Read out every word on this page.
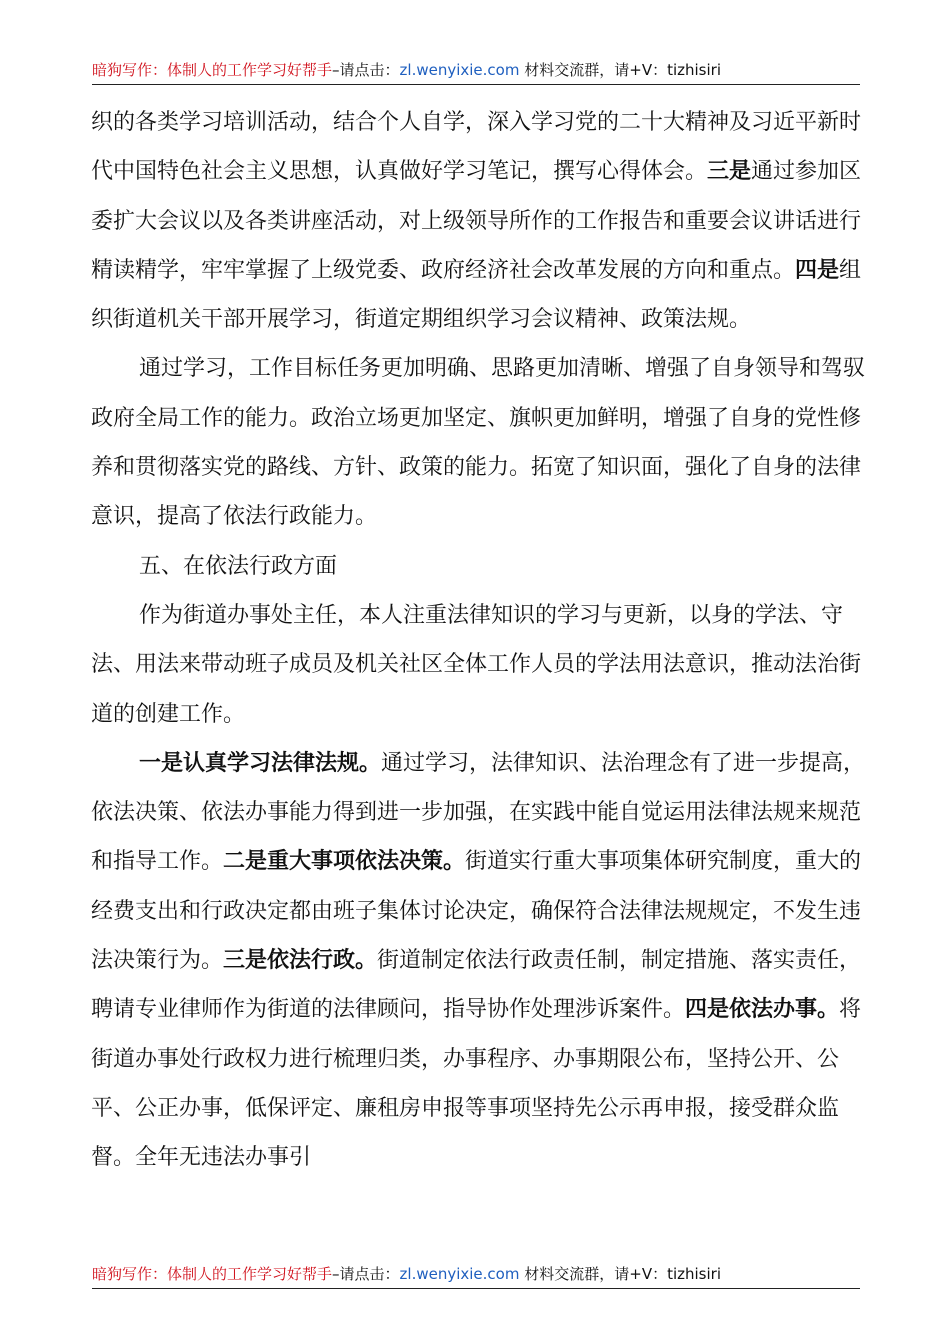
暗狗写作：体制人的工作学习好帮手–请点击：zl.wenyixie.com 材料交流群，请+V：tizhisiri

织的各类学习培训活动，结合个人自学，深入学习党的二十大精神及习近平新时代中国特色社会主义思想，认真做好学习笔记，撰写心得体会。三是通过参加区委扩大会议以及各类讲座活动，对上级领导所作的工作报告和重要会议讲话进行精读精学，牢牢掌握了上级党委、政府经济社会改革发展的方向和重点。四是组织街道机关干部开展学习，街道定期组织学习会议精神、政策法规。

通过学习，工作目标任务更加明确、思路更加清晰、增强了自身领导和驾驭政府全局工作的能力。政治立场更加坚定、旗帜更加鲜明，增强了自身的党性修养和贯彻落实党的路线、方针、政策的能力。拓宽了知识面，强化了自身的法律意识，提高了依法行政能力。

五、在依法行政方面

作为街道办事处主任，本人注重法律知识的学习与更新，以身的学法、守法、用法来带动班子成员及机关社区全体工作人员的学法用法意识，推动法治街道的创建工作。

一是认真学习法律法规。通过学习，法律知识、法治理念有了进一步提高，依法决策、依法办事能力得到进一步加强，在实践中能自觉运用法律法规来规范和指导工作。二是重大事项依法决策。街道实行重大事项集体研究制度，重大的经费支出和行政决定都由班子集体讨论决定，确保符合法律法规规定，不发生违法决策行为。三是依法行政。街道制定依法行政责任制，制定措施、落实责任，聘请专业律师作为街道的法律顾问，指导协作处理涉诉案件。四是依法办事。将街道办事处行政权力进行梳理归类，办事程序、办事期限公布，坚持公开、公平、公正办事，低保评定、廉租房申报等事项坚持先公示再申报，接受群众监督。全年无违法办事引

暗狗写作：体制人的工作学习好帮手–请点击：zl.wenyixie.com 材料交流群，请+V：tizhisiri
